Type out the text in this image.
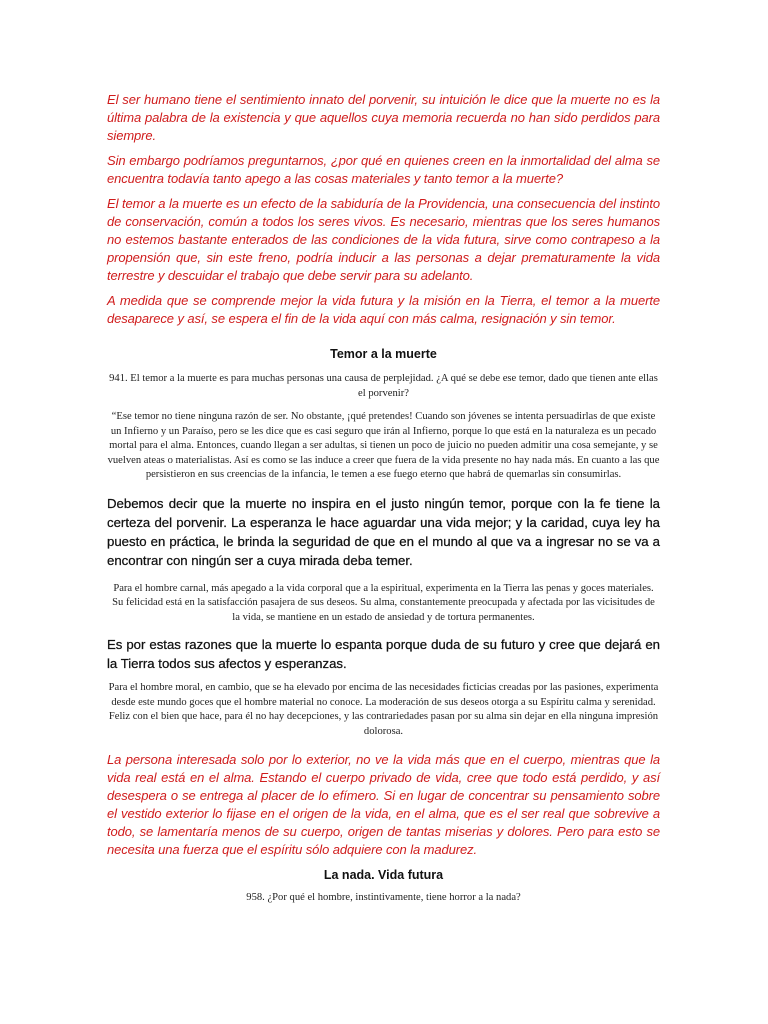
El ser humano tiene el sentimiento innato del porvenir, su intuición le dice que la muerte no es la última palabra de la existencia y que aquellos cuya memoria recuerda no han sido perdidos para siempre.

Sin embargo podríamos preguntarnos, ¿por qué en quienes creen en la inmortalidad del alma se encuentra todavía tanto apego a las cosas materiales y tanto temor a la muerte?

El temor a la muerte es un efecto de la sabiduría de la Providencia, una consecuencia del instinto de conservación, común a todos los seres vivos. Es necesario, mientras que los seres humanos no estemos bastante enterados de las condiciones de la vida futura, sirve como contrapeso a la propensión que, sin este freno, podría inducir a las personas a dejar prematuramente la vida terrestre y descuidar el trabajo que debe servir para su adelanto.

A medida que se comprende mejor la vida futura y la misión en la Tierra, el temor a la muerte desaparece y así, se espera el fin de la vida aquí con más calma, resignación y sin temor.

Temor a la muerte

941. El temor a la muerte es para muchas personas una causa de perplejidad. ¿A qué se debe ese temor, dado que tienen ante ellas el porvenir?

“Ese temor no tiene ninguna razón de ser. No obstante, ¡qué pretendes! Cuando son jóvenes se intenta persuadirlas de que existe un Infierno y un Paraíso, pero se les dice que es casi seguro que irán al Infierno, porque lo que está en la naturaleza es un pecado mortal para el alma. Entonces, cuando llegan a ser adultas, si tienen un poco de juicio no pueden admitir una cosa semejante, y se vuelven ateas o materialistas. Así es como se las induce a creer que fuera de la vida presente no hay nada más. En cuanto a las que persistieron en sus creencias de la infancia, le temen a ese fuego eterno que habrá de quemarlas sin consumirlas.

Debemos decir que la muerte no inspira en el justo ningún temor, porque con la fe tiene la certeza del porvenir. La esperanza le hace aguardar una vida mejor; y la caridad, cuya ley ha puesto en práctica, le brinda la seguridad de que en el mundo al que va a ingresar no se va a encontrar con ningún ser a cuya mirada deba temer.

Para el hombre carnal, más apegado a la vida corporal que a la espiritual, experimenta en la Tierra las penas y goces materiales. Su felicidad está en la satisfacción pasajera de sus deseos. Su alma, constantemente preocupada y afectada por las vicisitudes de la vida, se mantiene en un estado de ansiedad y de tortura permanentes.

Es por estas razones que la muerte lo espanta porque duda de su futuro y cree que dejará en la Tierra todos sus afectos y esperanzas.

Para el hombre moral, en cambio, que se ha elevado por encima de las necesidades ficticias creadas por las pasiones, experimenta desde este mundo goces que el hombre material no conoce. La moderación de sus deseos otorga a su Espíritu calma y serenidad. Feliz con el bien que hace, para él no hay decepciones, y las contrariedades pasan por su alma sin dejar en ella ninguna impresión dolorosa.

La persona interesada solo por lo exterior, no ve la vida más que en el cuerpo, mientras que la vida real está en el alma. Estando el cuerpo privado de vida, cree que todo está perdido, y así desespera o se entrega al placer de lo efímero. Si en lugar de concentrar su pensamiento sobre el vestido exterior lo fijase en el origen de la vida, en el alma, que es el ser real que sobrevive a todo, se lamentaría menos de su cuerpo, origen de tantas miserias y dolores. Pero para esto se necesita una fuerza que el espíritu sólo adquiere con la madurez.

La nada. Vida futura

958. ¿Por qué el hombre, instintivamente, tiene horror a la nada?
